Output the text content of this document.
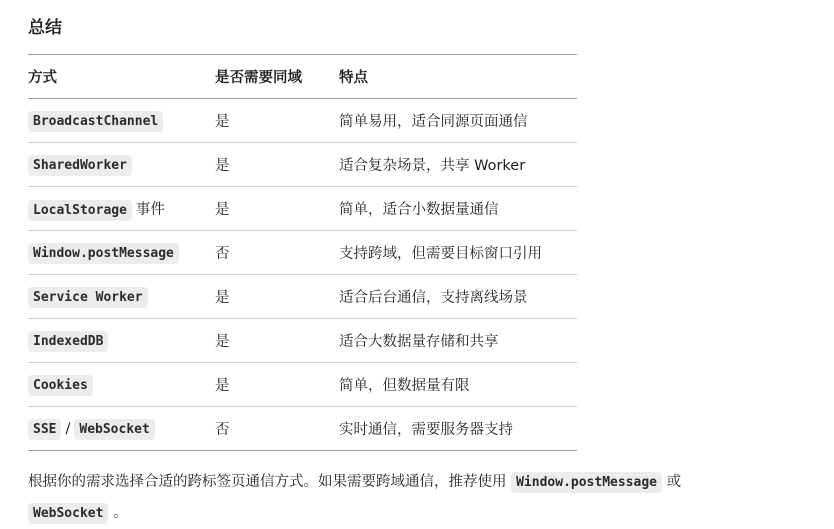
总结
方式	是否需要同域	特点
BroadcastChannel	是	简单易用，适合同源页面通信
SharedWorker	是	适合复杂场景，共享 Worker
LocalStorage 事件	是	简单，适合小数据量通信
Window.postMessage	否	支持跨域，但需要目标窗口引用
Service Worker	是	适合后台通信，支持离线场景
IndexedDB	是	适合大数据量存储和共享
Cookies	是	简单，但数据量有限
SSE / WebSocket	否	实时通信，需要服务器支持
根据你的需求选择合适的跨标签页通信方式。如果需要跨域通信，推荐使用 Window.postMessage 或
WebSocket 。
